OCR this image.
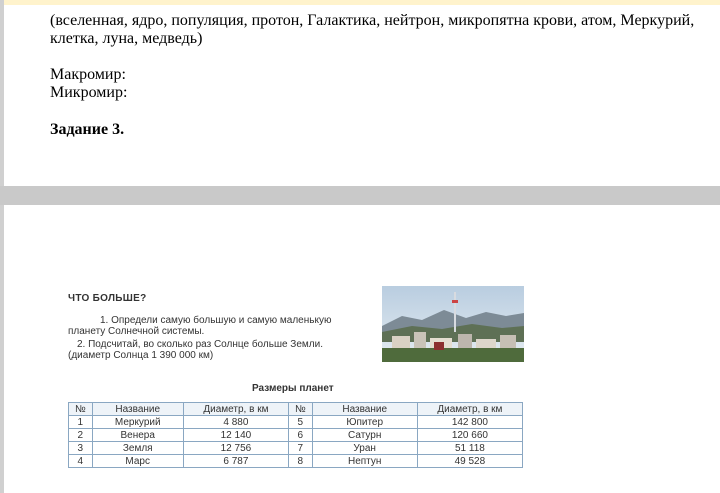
(вселенная, ядро, популяция, протон, Галактика, нейтрон, микропятна крови, атом, Меркурий,
клетка, луна, медведь)
Макромир:
Микромир:
Задание 3.
ЧТО БОЛЬШЕ?
1. Определи самую большую и самую маленькую
планету Солнечной системы.
2. Подсчитай, во сколько раз Солнце больше Земли.
(диаметр Солнца 1 390 000 км)
Размеры планет
№	Название	Диаметр, в км	№	Название	Диаметр, в км
1	Меркурий	4 880	5	Юпитер	142 800
2	Венера	12 140	6	Сатурн	120 660
3	Земля	12 756	7	Уран	51 118
4	Марс	6 787	8	Нептун	49 528
